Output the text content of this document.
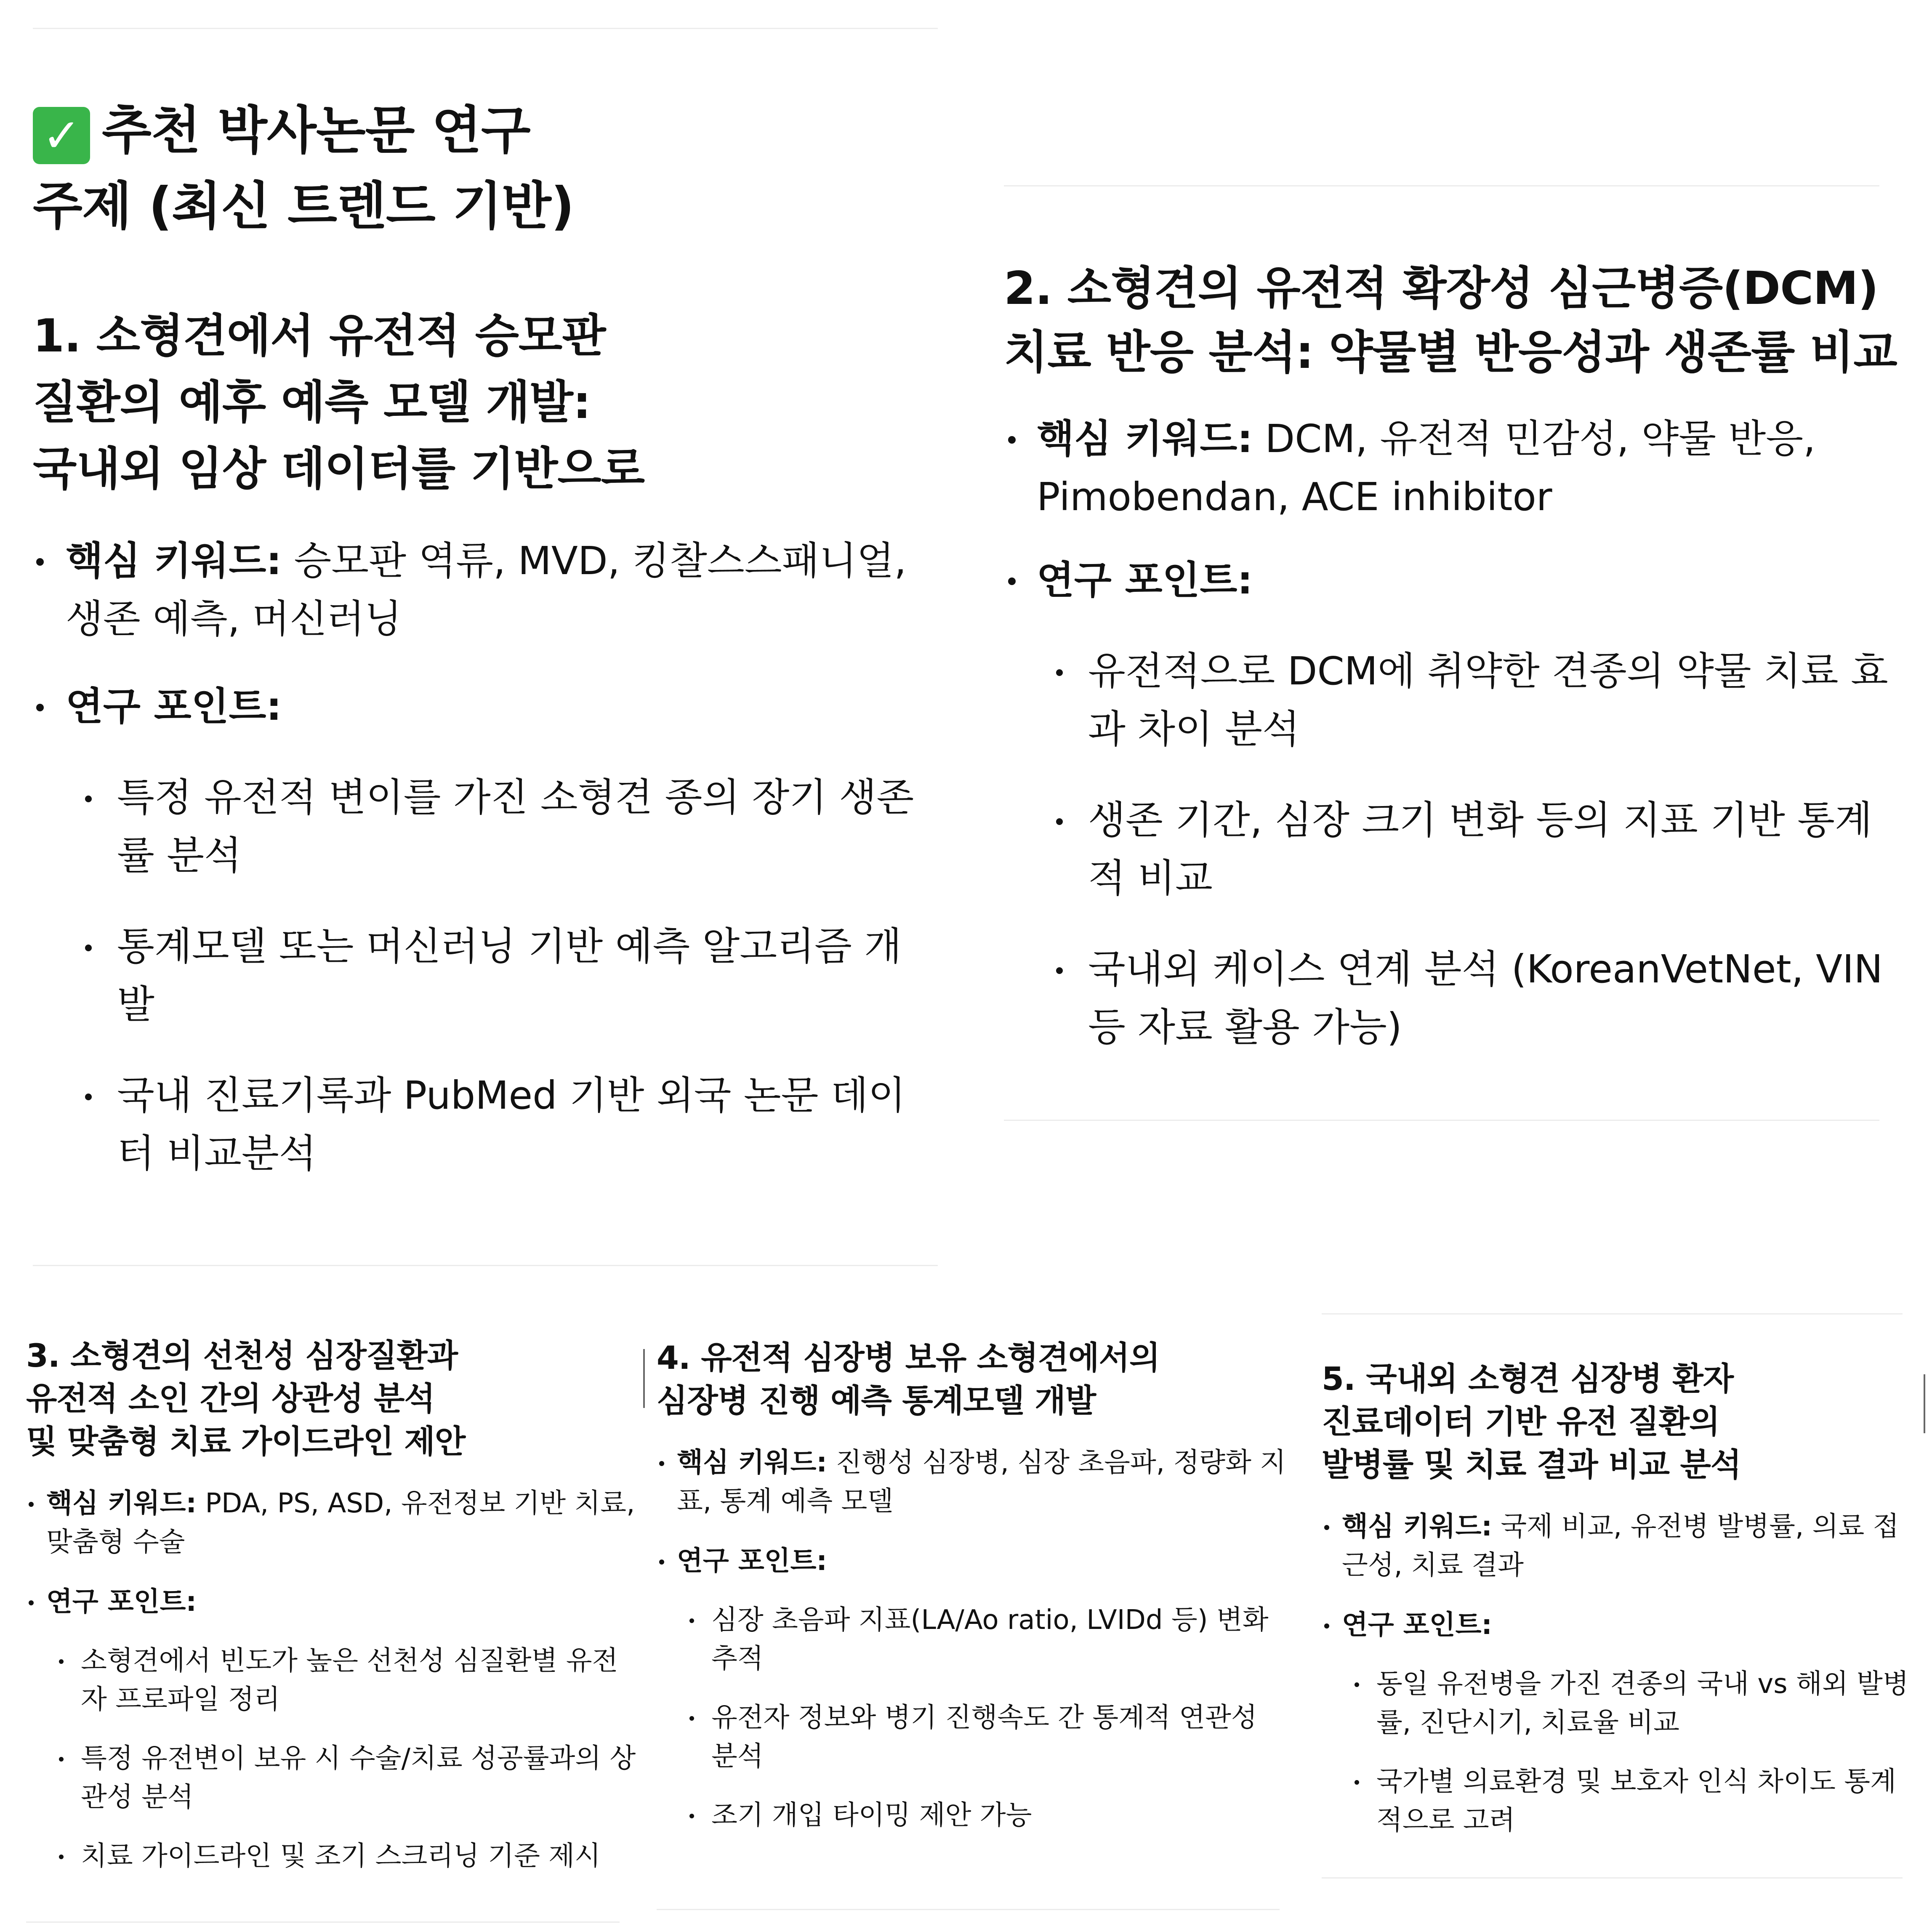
✓ 추천 박사논문 연구
주제 (최신 트렌드 기반)
1. 소형견에서 유전적 승모판
질환의 예후 예측 모델 개발:
국내외 임상 데이터를 기반으로
핵심 키워드: 승모판 역류, MVD, 킹찰스스패니얼, 생존 예측, 머신러닝
연구 포인트:
특정 유전적 변이를 가진 소형견 종의 장기 생존률 분석
통계모델 또는 머신러닝 기반 예측 알고리즘 개발
국내 진료기록과 PubMed 기반 외국 논문 데이터 비교분석
2. 소형견의 유전적 확장성 심근병증(DCM)
치료 반응 분석: 약물별 반응성과 생존률 비교
핵심 키워드: DCM, 유전적 민감성, 약물 반응, Pimobendan, ACE inhibitor
연구 포인트:
유전적으로 DCM에 취약한 견종의 약물 치료 효과 차이 분석
생존 기간, 심장 크기 변화 등의 지표 기반 통계적 비교
국내외 케이스 연계 분석 (KoreanVetNet, VIN 등 자료 활용 가능)
3. 소형견의 선천성 심장질환과
유전적 소인 간의 상관성 분석
및 맞춤형 치료 가이드라인 제안
핵심 키워드: PDA, PS, ASD, 유전정보 기반 치료, 맞춤형 수술
연구 포인트:
소형견에서 빈도가 높은 선천성 심질환별 유전자 프로파일 정리
특정 유전변이 보유 시 수술/치료 성공률과의 상관성 분석
치료 가이드라인 및 조기 스크리닝 기준 제시
4. 유전적 심장병 보유 소형견에서의
심장병 진행 예측 통계모델 개발
핵심 키워드: 진행성 심장병, 심장 초음파, 정량화 지표, 통계 예측 모델
연구 포인트:
심장 초음파 지표(LA/Ao ratio, LVIDd 등) 변화 추적
유전자 정보와 병기 진행속도 간 통계적 연관성 분석
조기 개입 타이밍 제안 가능
5. 국내외 소형견 심장병 환자
진료데이터 기반 유전 질환의
발병률 및 치료 결과 비교 분석
핵심 키워드: 국제 비교, 유전병 발병률, 의료 접근성, 치료 결과
연구 포인트:
동일 유전병을 가진 견종의 국내 vs 해외 발병률, 진단시기, 치료율 비교
국가별 의료환경 및 보호자 인식 차이도 통계적으로 고려
